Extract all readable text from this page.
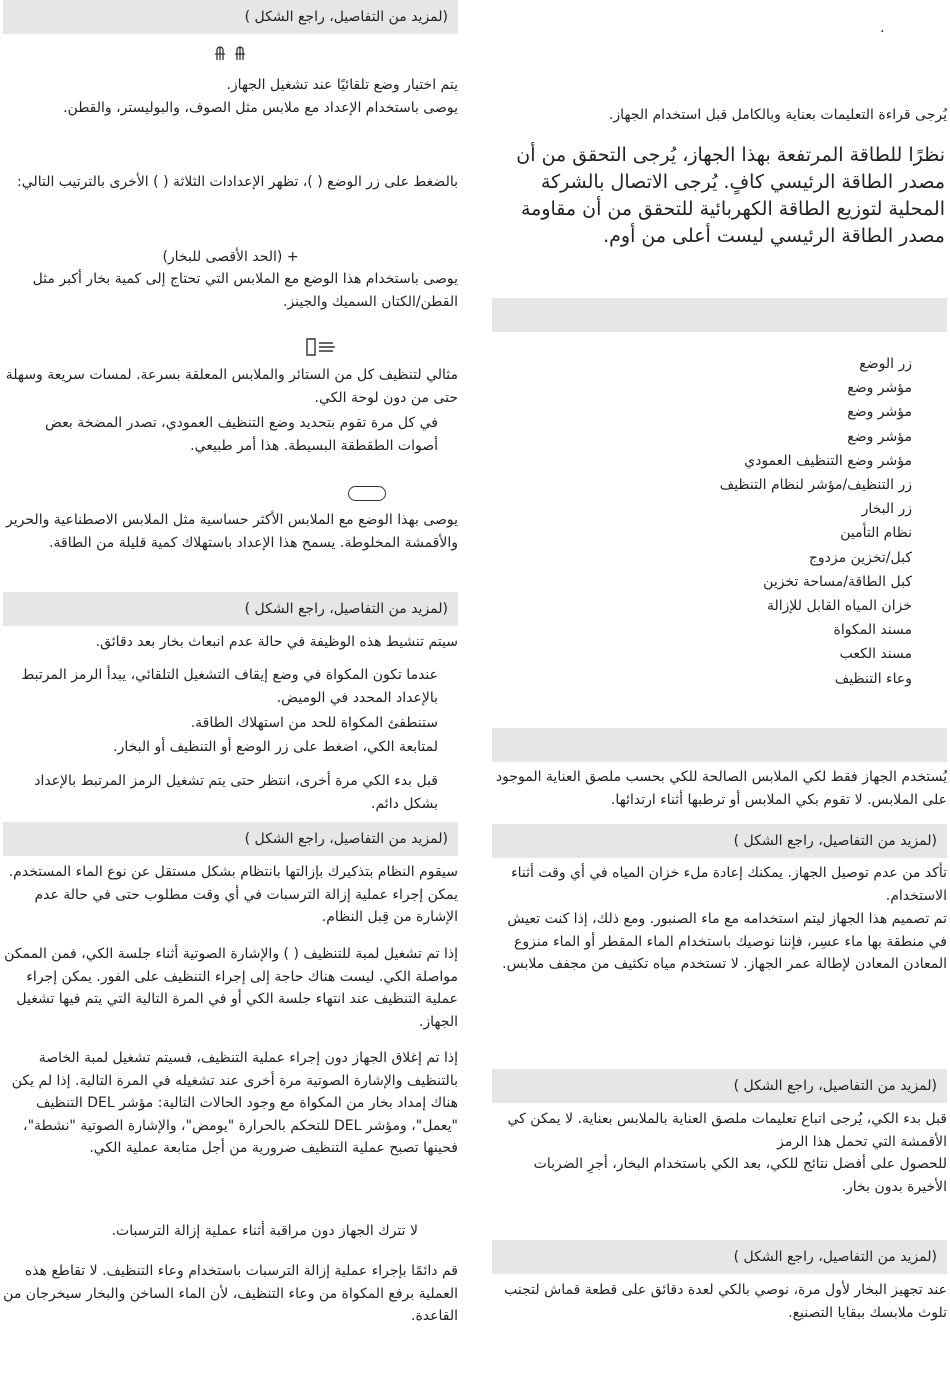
.

يُرجى قراءة التعليمات بعناية وبالكامل قبل استخدام الجهاز.

نظرًا للطاقة المرتفعة بهذا الجهاز، يُرجى التحقق من أن مصدر الطاقة الرئيسي كافٍ. يُرجى الاتصال بالشركة المحلية لتوزيع الطاقة الكهربائية للتحقق من أن مقاومة مصدر الطاقة الرئيسي ليست أعلى من أوم.

زر الوضع
مؤشر وضع
مؤشر وضع
مؤشر وضع
مؤشر وضع التنظيف العمودي
زر التنظيف/مؤشر لنظام التنظيف
زر البخار
نظام التأمين
كبل/تخزين مزدوج
كبل الطاقة/مساحة تخزين
خزان المياه القابل للإزالة
مسند المكواة
مسند الكعب
وعاء التنظيف

يُستخدم الجهاز فقط لكي الملابس الصالحة للكي بحسب ملصق العناية الموجود على الملابس. لا تقوم بكي الملابس أو ترطبها أثناء ارتدائها.

(لمزيد من التفاصيل، راجع الشكل )

تأكد من عدم توصيل الجهاز. يمكنك إعادة ملء خزان المياه في أي وقت أثناء الاستخدام.

تم تصميم هذا الجهاز ليتم استخدامه مع ماء الصنبور. ومع ذلك، إذا كنت تعيش في منطقة بها ماء عسِر، فإننا نوصيك باستخدام الماء المقطر أو الماء منزوع المعادن المعادن لإطالة عمر الجهاز. لا تستخدم مياه تكثيف من مجفف ملابس.

(لمزيد من التفاصيل، راجع الشكل )

قبل بدء الكي، يُرجى اتباع تعليمات ملصق العناية بالملابس بعناية. لا يمكن كي الأقمشة التي تحمل هذا الرمز

للحصول على أفضل نتائج للكي، بعد الكي باستخدام البخار، أجرِ الضربات الأخيرة بدون بخار.

(لمزيد من التفاصيل، راجع الشكل )

عند تجهيز البخار لأول مرة، نوصي بالكي لعدة دقائق على قطعة قماش لتجنب تلوث ملابسك ببقايا التصنيع.

(لمزيد من التفاصيل، راجع الشكل )

يتم اختيار وضع تلقائيًا عند تشغيل الجهاز.

يوصى باستخدام الإعداد مع ملابس مثل الصوف، والبوليستر، والقطن.

بالضغط على زر الوضع ( )، تظهر الإعدادات الثلاثة ( ) الأخرى بالترتيب التالي:

+ (الحد الأقصى للبخار)

يوصى باستخدام هذا الوضع مع الملابس التي تحتاج إلى كمية بخار أكبر مثل القطن/الكتان السميك والجينز.

مثالي لتنظيف كل من الستائر والملابس المعلقة بسرعة. لمسات سريعة وسهلة حتى من دون لوحة الكي.

في كل مرة تقوم بتحديد وضع التنظيف العمودي، تصدر المضخة بعض أصوات الطقطقة البسيطة. هذا أمر طبيعي.

يوصى بهذا الوضع مع الملابس الأكثر حساسية مثل الملابس الاصطناعية والحرير والأقمشة المخلوطة. يسمح هذا الإعداد باستهلاك كمية قليلة من الطاقة.

(لمزيد من التفاصيل، راجع الشكل )

سيتم تنشيط هذه الوظيفة في حالة عدم انبعاث بخار بعد دقائق.

عندما تكون المكواة في وضع إيقاف التشغيل التلقائي، يبدأ الرمز المرتبط بالإعداد المحدد في الوميض.

ستنطفئ المكواة للحد من استهلاك الطاقة.

لمتابعة الكي، اضغط على زر الوضع أو التنظيف أو البخار.

قبل بدء الكي مرة أخرى، انتظر حتى يتم تشغيل الرمز المرتبط بالإعداد بشكل دائم.

(لمزيد من التفاصيل، راجع الشكل )

سيقوم النظام بتذكيرك بإزالتها بانتظام بشكل مستقل عن نوع الماء المستخدم. يمكن إجراء عملية إزالة الترسبات في أي وقت مطلوب حتى في حالة عدم الإشارة من قِبل النظام.

إذا تم تشغيل لمبة للتنظيف ( ) والإشارة الصوتية أثناء جلسة الكي، فمن الممكن مواصلة الكي. ليست هناك حاجة إلى إجراء التنظيف على الفور. يمكن إجراء عملية التنظيف عند انتهاء جلسة الكي أو في المرة التالية التي يتم فيها تشغيل الجهاز.

إذا تم إغلاق الجهاز دون إجراء عملية التنظيف، فسيتم تشغيل لمبة الخاصة بالتنظيف والإشارة الصوتية مرة أخرى عند تشغيله في المرة التالية. إذا لم يكن هناك إمداد بخار من المكواة مع وجود الحالات التالية: مؤشر DEL التنظيف "يعمل"، ومؤشر DEL للتحكم بالحرارة "يومض"، والإشارة الصوتية "نشطة"، فحينها تصبح عملية التنظيف ضرورية من أجل متابعة عملية الكي.

لا تترك الجهاز دون مراقبة أثناء عملية إزالة الترسبات.

قم دائمًا بإجراء عملية إزالة الترسبات باستخدام وعاء التنظيف. لا تقاطع هذه العملية برفع المكواة من وعاء التنظيف، لأن الماء الساخن والبخار سيخرجان من القاعدة.
